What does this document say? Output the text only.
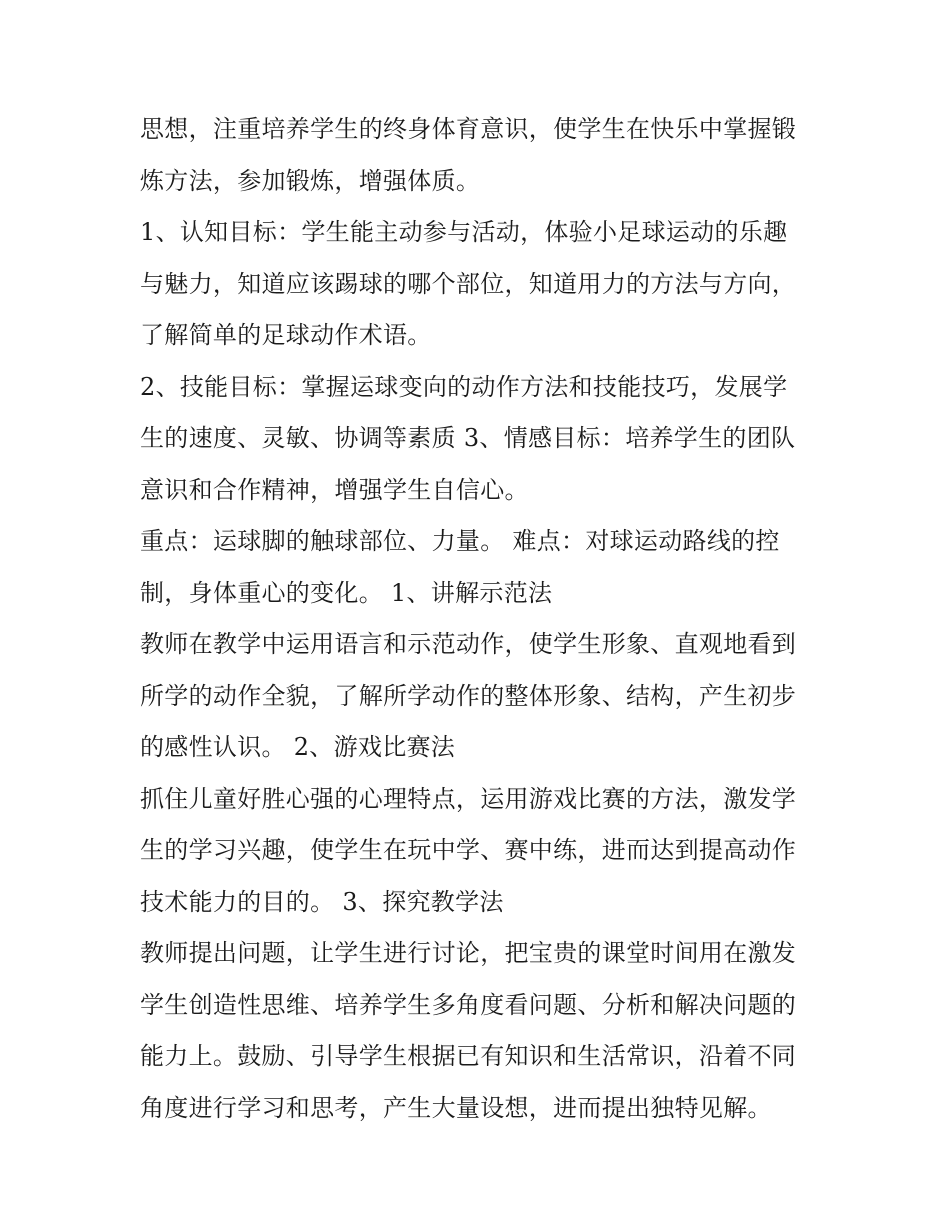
思想，注重培养学生的终身体育意识，使学生在快乐中掌握锻
炼方法，参加锻炼，增强体质。
1、认知目标：学生能主动参与活动，体验小足球运动的乐趣
与魅力，知道应该踢球的哪个部位，知道用力的方法与方向，
了解简单的足球动作术语。
2、技能目标：掌握运球变向的动作方法和技能技巧，发展学
生的速度、灵敏、协调等素质 3、情感目标：培养学生的团队
意识和合作精神，增强学生自信心。
重点：运球脚的触球部位、力量。 难点：对球运动路线的控
制，身体重心的变化。 1、讲解示范法
教师在教学中运用语言和示范动作，使学生形象、直观地看到
所学的动作全貌，了解所学动作的整体形象、结构，产生初步
的感性认识。 2、游戏比赛法
抓住儿童好胜心强的心理特点，运用游戏比赛的方法，激发学
生的学习兴趣，使学生在玩中学、赛中练，进而达到提高动作
技术能力的目的。 3、探究教学法
教师提出问题，让学生进行讨论，把宝贵的课堂时间用在激发
学生创造性思维、培养学生多角度看问题、分析和解决问题的
能力上。鼓励、引导学生根据已有知识和生活常识，沿着不同
角度进行学习和思考，产生大量设想，进而提出独特见解。
